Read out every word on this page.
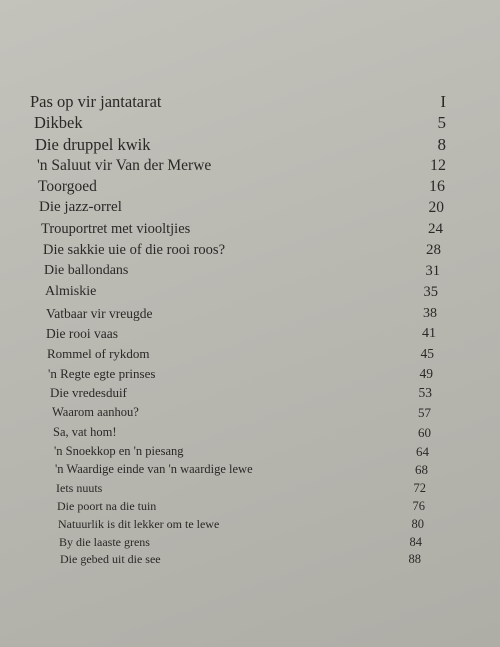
Pas op vir jantatarat	I
Dikbek	5
Die druppel kwik	8
'n Saluut vir Van der Merwe	12
Toorgoed	16
Die jazz-orrel	20
Trouportret met viooltjies	24
Die sakkie uie of die rooi roos?	28
Die ballondans	31
Almiskie	35
Vatbaar vir vreugde	38
Die rooi vaas	41
Rommel of rykdom	45
'n Regte egte prinses	49
Die vredesduif	53
Waarom aanhou?	57
Sa, vat hom!	60
'n Snoekkop en 'n piesang	64
'n Waardige einde van 'n waardige lewe	68
Iets nuuts	72
Die poort na die tuin	76
Natuurlik is dit lekker om te lewe	80
By die laaste grens	84
Die gebed uit die see	88
